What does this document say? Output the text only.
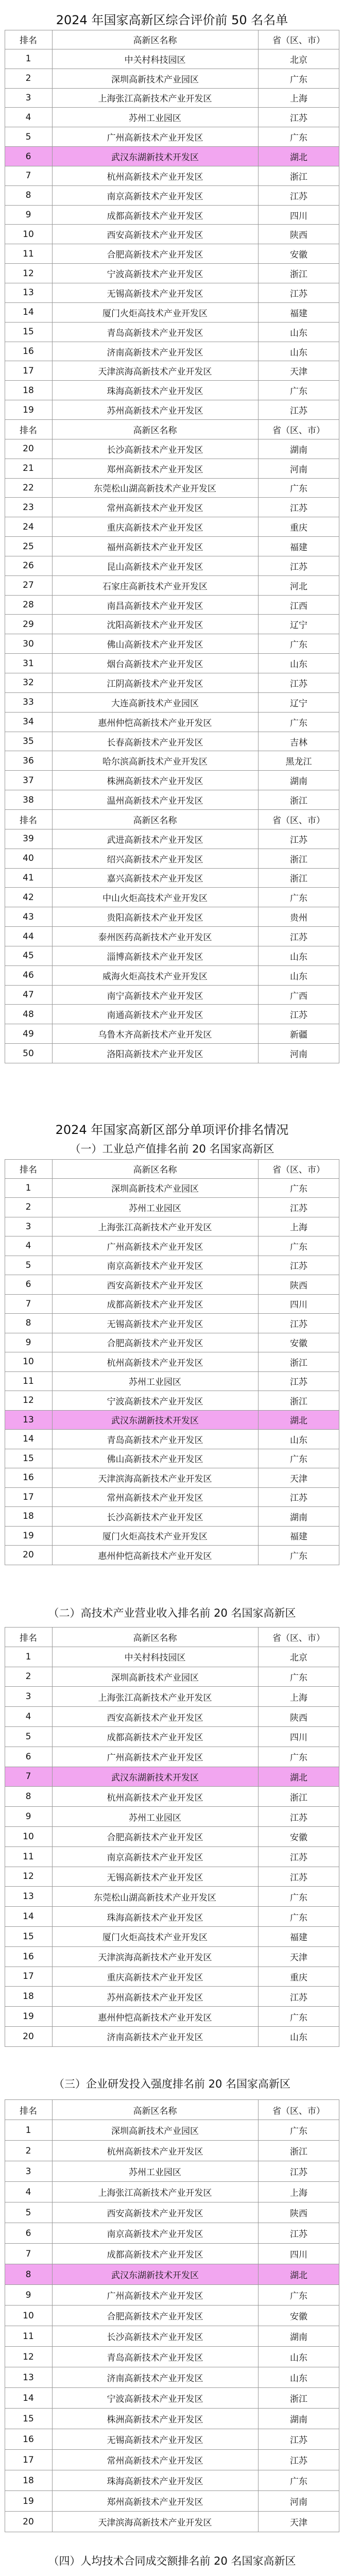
2024 年国家高新区综合评价前 50 名名单
排名	高新区名称	省（区、市）
1	中关村科技园区	北京
2	深圳高新技术产业园区	广东
3	上海张江高新技术产业开发区	上海
4	苏州工业园区	江苏
5	广州高新技术产业开发区	广东
6	武汉东湖新技术开发区	湖北
7	杭州高新技术产业开发区	浙江
8	南京高新技术产业开发区	江苏
9	成都高新技术产业开发区	四川
10	西安高新技术产业开发区	陕西
11	合肥高新技术产业开发区	安徽
12	宁波高新技术产业开发区	浙江
13	无锡高新技术产业开发区	江苏
14	厦门火炬高技术产业开发区	福建
15	青岛高新技术产业开发区	山东
16	济南高新技术产业开发区	山东
17	天津滨海高新技术产业开发区	天津
18	珠海高新技术产业开发区	广东
19	苏州高新技术产业开发区	江苏
排名	高新区名称	省（区、市）
20	长沙高新技术产业开发区	湖南
21	郑州高新技术产业开发区	河南
22	东莞松山湖高新技术产业开发区	广东
23	常州高新技术产业开发区	江苏
24	重庆高新技术产业开发区	重庆
25	福州高新技术产业开发区	福建
26	昆山高新技术产业开发区	江苏
27	石家庄高新技术产业开发区	河北
28	南昌高新技术产业开发区	江西
29	沈阳高新技术产业开发区	辽宁
30	佛山高新技术产业开发区	广东
31	烟台高新技术产业开发区	山东
32	江阴高新技术产业开发区	江苏
33	大连高新技术产业园区	辽宁
34	惠州仲恺高新技术产业开发区	广东
35	长春高新技术产业开发区	吉林
36	哈尔滨高新技术产业开发区	黑龙江
37	株洲高新技术产业开发区	湖南
38	温州高新技术产业开发区	浙江
排名	高新区名称	省（区、市）
39	武进高新技术产业开发区	江苏
40	绍兴高新技术产业开发区	浙江
41	嘉兴高新技术产业开发区	浙江
42	中山火炬高技术产业开发区	广东
43	贵阳高新技术产业开发区	贵州
44	泰州医药高新技术产业开发区	江苏
45	淄博高新技术产业开发区	山东
46	威海火炬高技术产业开发区	山东
47	南宁高新技术产业开发区	广西
48	南通高新技术产业开发区	江苏
49	乌鲁木齐高新技术产业开发区	新疆
50	洛阳高新技术产业开发区	河南
2024 年国家高新区部分单项评价排名情况
（一）工业总产值排名前 20 名国家高新区
排名	高新区名称	省（区、市）
1	深圳高新技术产业园区	广东
2	苏州工业园区	江苏
3	上海张江高新技术产业开发区	上海
4	广州高新技术产业开发区	广东
5	南京高新技术产业开发区	江苏
6	西安高新技术产业开发区	陕西
7	成都高新技术产业开发区	四川
8	无锡高新技术产业开发区	江苏
9	合肥高新技术产业开发区	安徽
10	杭州高新技术产业开发区	浙江
11	苏州工业园区	江苏
12	宁波高新技术产业开发区	浙江
13	武汉东湖新技术开发区	湖北
14	青岛高新技术产业开发区	山东
15	佛山高新技术产业开发区	广东
16	天津滨海高新技术产业开发区	天津
17	常州高新技术产业开发区	江苏
18	长沙高新技术产业开发区	湖南
19	厦门火炬高技术产业开发区	福建
20	惠州仲恺高新技术产业开发区	广东
（二）高技术产业营业收入排名前 20 名国家高新区
排名	高新区名称	省（区、市）
1	中关村科技园区	北京
2	深圳高新技术产业园区	广东
3	上海张江高新技术产业开发区	上海
4	西安高新技术产业开发区	陕西
5	成都高新技术产业开发区	四川
6	广州高新技术产业开发区	广东
7	武汉东湖新技术开发区	湖北
8	杭州高新技术产业开发区	浙江
9	苏州工业园区	江苏
10	合肥高新技术产业开发区	安徽
11	南京高新技术产业开发区	江苏
12	无锡高新技术产业开发区	江苏
13	东莞松山湖高新技术产业开发区	广东
14	珠海高新技术产业开发区	广东
15	厦门火炬高技术产业开发区	福建
16	天津滨海高新技术产业开发区	天津
17	重庆高新技术产业开发区	重庆
18	苏州高新技术产业开发区	江苏
19	惠州仲恺高新技术产业开发区	广东
20	济南高新技术产业开发区	山东
（三）企业研发投入强度排名前 20 名国家高新区
排名	高新区名称	省（区、市）
1	深圳高新技术产业园区	广东
2	杭州高新技术产业开发区	浙江
3	苏州工业园区	江苏
4	上海张江高新技术产业开发区	上海
5	西安高新技术产业开发区	陕西
6	南京高新技术产业开发区	江苏
7	成都高新技术产业开发区	四川
8	武汉东湖新技术开发区	湖北
9	广州高新技术产业开发区	广东
10	合肥高新技术产业开发区	安徽
11	长沙高新技术产业开发区	湖南
12	青岛高新技术产业开发区	山东
13	济南高新技术产业开发区	山东
14	宁波高新技术产业开发区	浙江
15	株洲高新技术产业开发区	湖南
16	无锡高新技术产业开发区	江苏
17	常州高新技术产业开发区	江苏
18	珠海高新技术产业开发区	广东
19	郑州高新技术产业开发区	河南
20	天津滨海高新技术产业开发区	天津
（四）人均技术合同成交额排名前 20 名国家高新区
